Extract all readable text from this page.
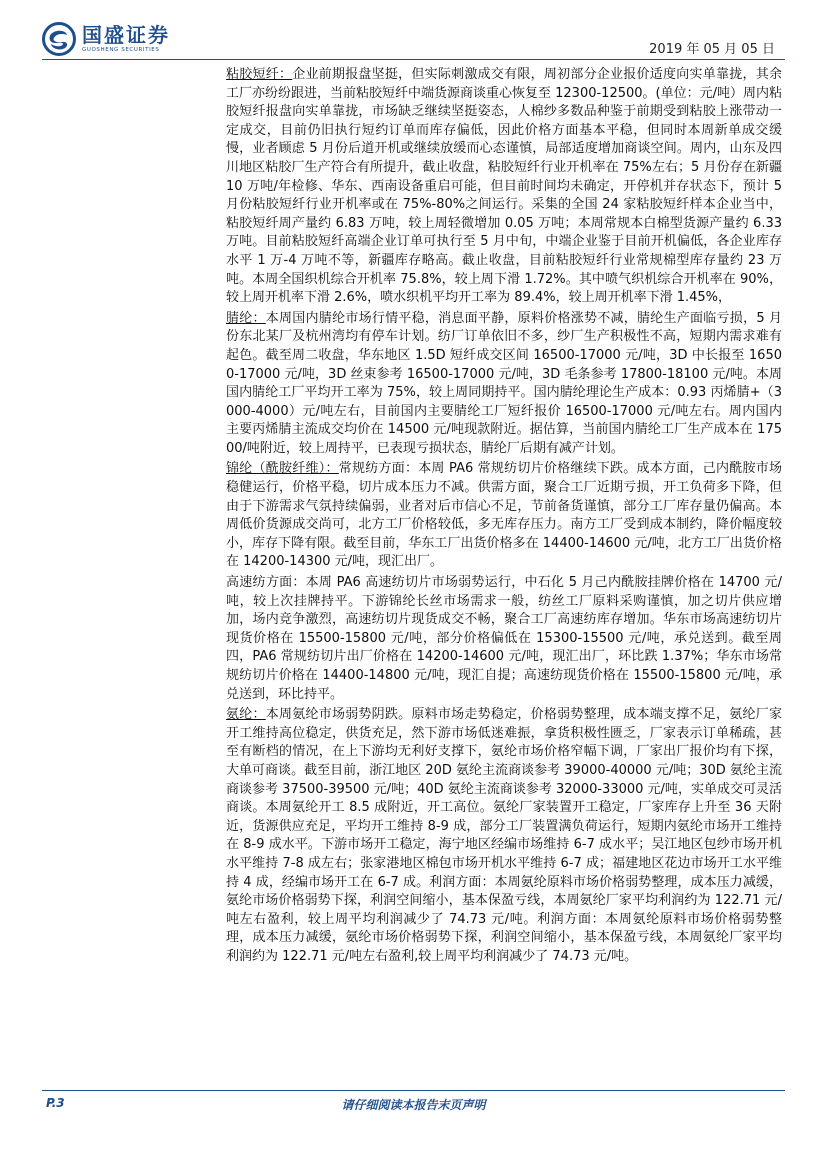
国盛证券
GUOSHENG SECURITIES	2019 年 05 月 05 日

粘胶短纤：企业前期报盘坚挺，但实际刺激成交有限，周初部分企业报价适度向实单靠拢，其余工厂亦纷纷跟进，当前粘胶短纤中端货源商谈重心恢复至 12300-12500。(单位：元/吨）周内粘胶短纤报盘向实单靠拢，市场缺乏继续坚挺姿态，人棉纱多数品种鉴于前期受到粘胶上涨带动一定成交，目前仍旧执行短约订单而库存偏低，因此价格方面基本平稳，但同时本周新单成交缓慢，业者顾虑 5 月份后道开机或继续放缓而心态谨慎，局部适度增加商谈空间。周内，山东及四川地区粘胶厂生产符合有所提升，截止收盘，粘胶短纤行业开机率在 75%左右；5 月份存在新疆 10 万吨/年检修、华东、西南设备重启可能，但目前时间均未确定，开停机并存状态下，预计 5 月份粘胶短纤行业开机率或在 75%-80%之间运行。采集的全国 24 家粘胶短纤样本企业当中，粘胶短纤周产量约 6.83 万吨，较上周轻微增加 0.05 万吨；本周常规本白棉型货源产量约 6.33 万吨。目前粘胶短纤高端企业订单可执行至 5 月中旬，中端企业鉴于目前开机偏低，各企业库存水平 1 万-4 万吨不等，新疆库存略高。截止收盘，目前粘胶短纤行业常规棉型库存量约 23 万吨。本周全国织机综合开机率 75.8%，较上周下滑 1.72%。其中喷气织机综合开机率在 90%，较上周开机率下滑 2.6%，喷水织机平均开工率为 89.4%，较上周开机率下滑 1.45%，

腈纶：本周国内腈纶市场行情平稳，消息面平静，原料价格涨势不减，腈纶生产面临亏损，5 月份东北某厂及杭州湾均有停车计划。纺厂订单依旧不多，纱厂生产积极性不高，短期内需求难有起色。截至周二收盘，华东地区 1.5D 短纤成交区间 16500-17000 元/吨，3D 中长报至 16500-17000 元/吨，3D 丝束参考 16500-17000 元/吨，3D 毛条参考 17800-18100 元/吨。本周国内腈纶工厂平均开工率为 75%，较上周同期持平。国内腈纶理论生产成本：0.93 丙烯腈+（3000-4000）元/吨左右，目前国内主要腈纶工厂短纤报价 16500-17000 元/吨左右。周内国内主要丙烯腈主流成交均价在 14500 元/吨现款附近。据估算，当前国内腈纶工厂生产成本在 17500/吨附近，较上周持平，已表现亏损状态，腈纶厂后期有减产计划。

锦纶（酰胺纤维）：常规纺方面：本周 PA6 常规纺切片价格继续下跌。成本方面，己内酰胺市场稳健运行，价格平稳，切片成本压力不减。供需方面，聚合工厂近期亏损，开工负荷多下降，但由于下游需求气氛持续偏弱，业者对后市信心不足，节前备货谨慎，部分工厂库存量仍偏高。本周低价货源成交尚可，北方工厂价格较低，多无库存压力。南方工厂受到成本制约，降价幅度较小，库存下降有限。截至目前，华东工厂出货价格多在 14400-14600 元/吨，北方工厂出货价格在 14200-14300 元/吨，现汇出厂。

高速纺方面：本周 PA6 高速纺切片市场弱势运行，中石化 5 月己内酰胺挂牌价格在 14700 元/吨，较上次挂牌持平。下游锦纶长丝市场需求一般，纺丝工厂原料采购谨慎，加之切片供应增加，场内竞争激烈，高速纺切片现货成交不畅，聚合工厂高速纺库存增加。华东市场高速纺切片现货价格在 15500-15800 元/吨，部分价格偏低在 15300-15500 元/吨，承兑送到。截至周四，PA6 常规纺切片出厂价格在 14200-14600 元/吨，现汇出厂，环比跌 1.37%；华东市场常规纺切片价格在 14400-14800 元/吨，现汇自提；高速纺现货价格在 15500-15800 元/吨，承兑送到，环比持平。

氨纶：本周氨纶市场弱势阴跌。原料市场走势稳定，价格弱势整理，成本端支撑不足，氨纶厂家开工维持高位稳定，供货充足，然下游市场低迷难振，拿货积极性匮乏，厂家表示订单稀疏，甚至有断档的情况，在上下游均无利好支撑下，氨纶市场价格窄幅下调，厂家出厂报价均有下探，大单可商谈。截至目前，浙江地区 20D 氨纶主流商谈参考 39000-40000 元/吨；30D 氨纶主流商谈参考 37500-39500 元/吨；40D 氨纶主流商谈参考 32000-33000 元/吨，实单成交可灵活商谈。本周氨纶开工 8.5 成附近，开工高位。氨纶厂家装置开工稳定，厂家库存上升至 36 天附近，货源供应充足，平均开工维持 8-9 成，部分工厂装置满负荷运行，短期内氨纶市场开工维持在 8-9 成水平。下游市场开工稳定，海宁地区经编市场维持 6-7 成水平；吴江地区包纱市场开机水平维持 7-8 成左右；张家港地区棉包市场开机水平维持 6-7 成；福建地区花边市场开工水平维持 4 成，经编市场开工在 6-7 成。利润方面：本周氨纶原料市场价格弱势整理，成本压力减缓，氨纶市场价格弱势下探，利润空间缩小，基本保盈亏线，本周氨纶厂家平均利润约为 122.71 元/吨左右盈利，较上周平均利润减少了 74.73 元/吨。利润方面：本周氨纶原料市场价格弱势整理，成本压力减缓，氨纶市场价格弱势下探，利润空间缩小，基本保盈亏线，本周氨纶厂家平均利润约为 122.71 元/吨左右盈利,较上周平均利润减少了 74.73 元/吨。

P.3	请仔细阅读本报告末页声明
